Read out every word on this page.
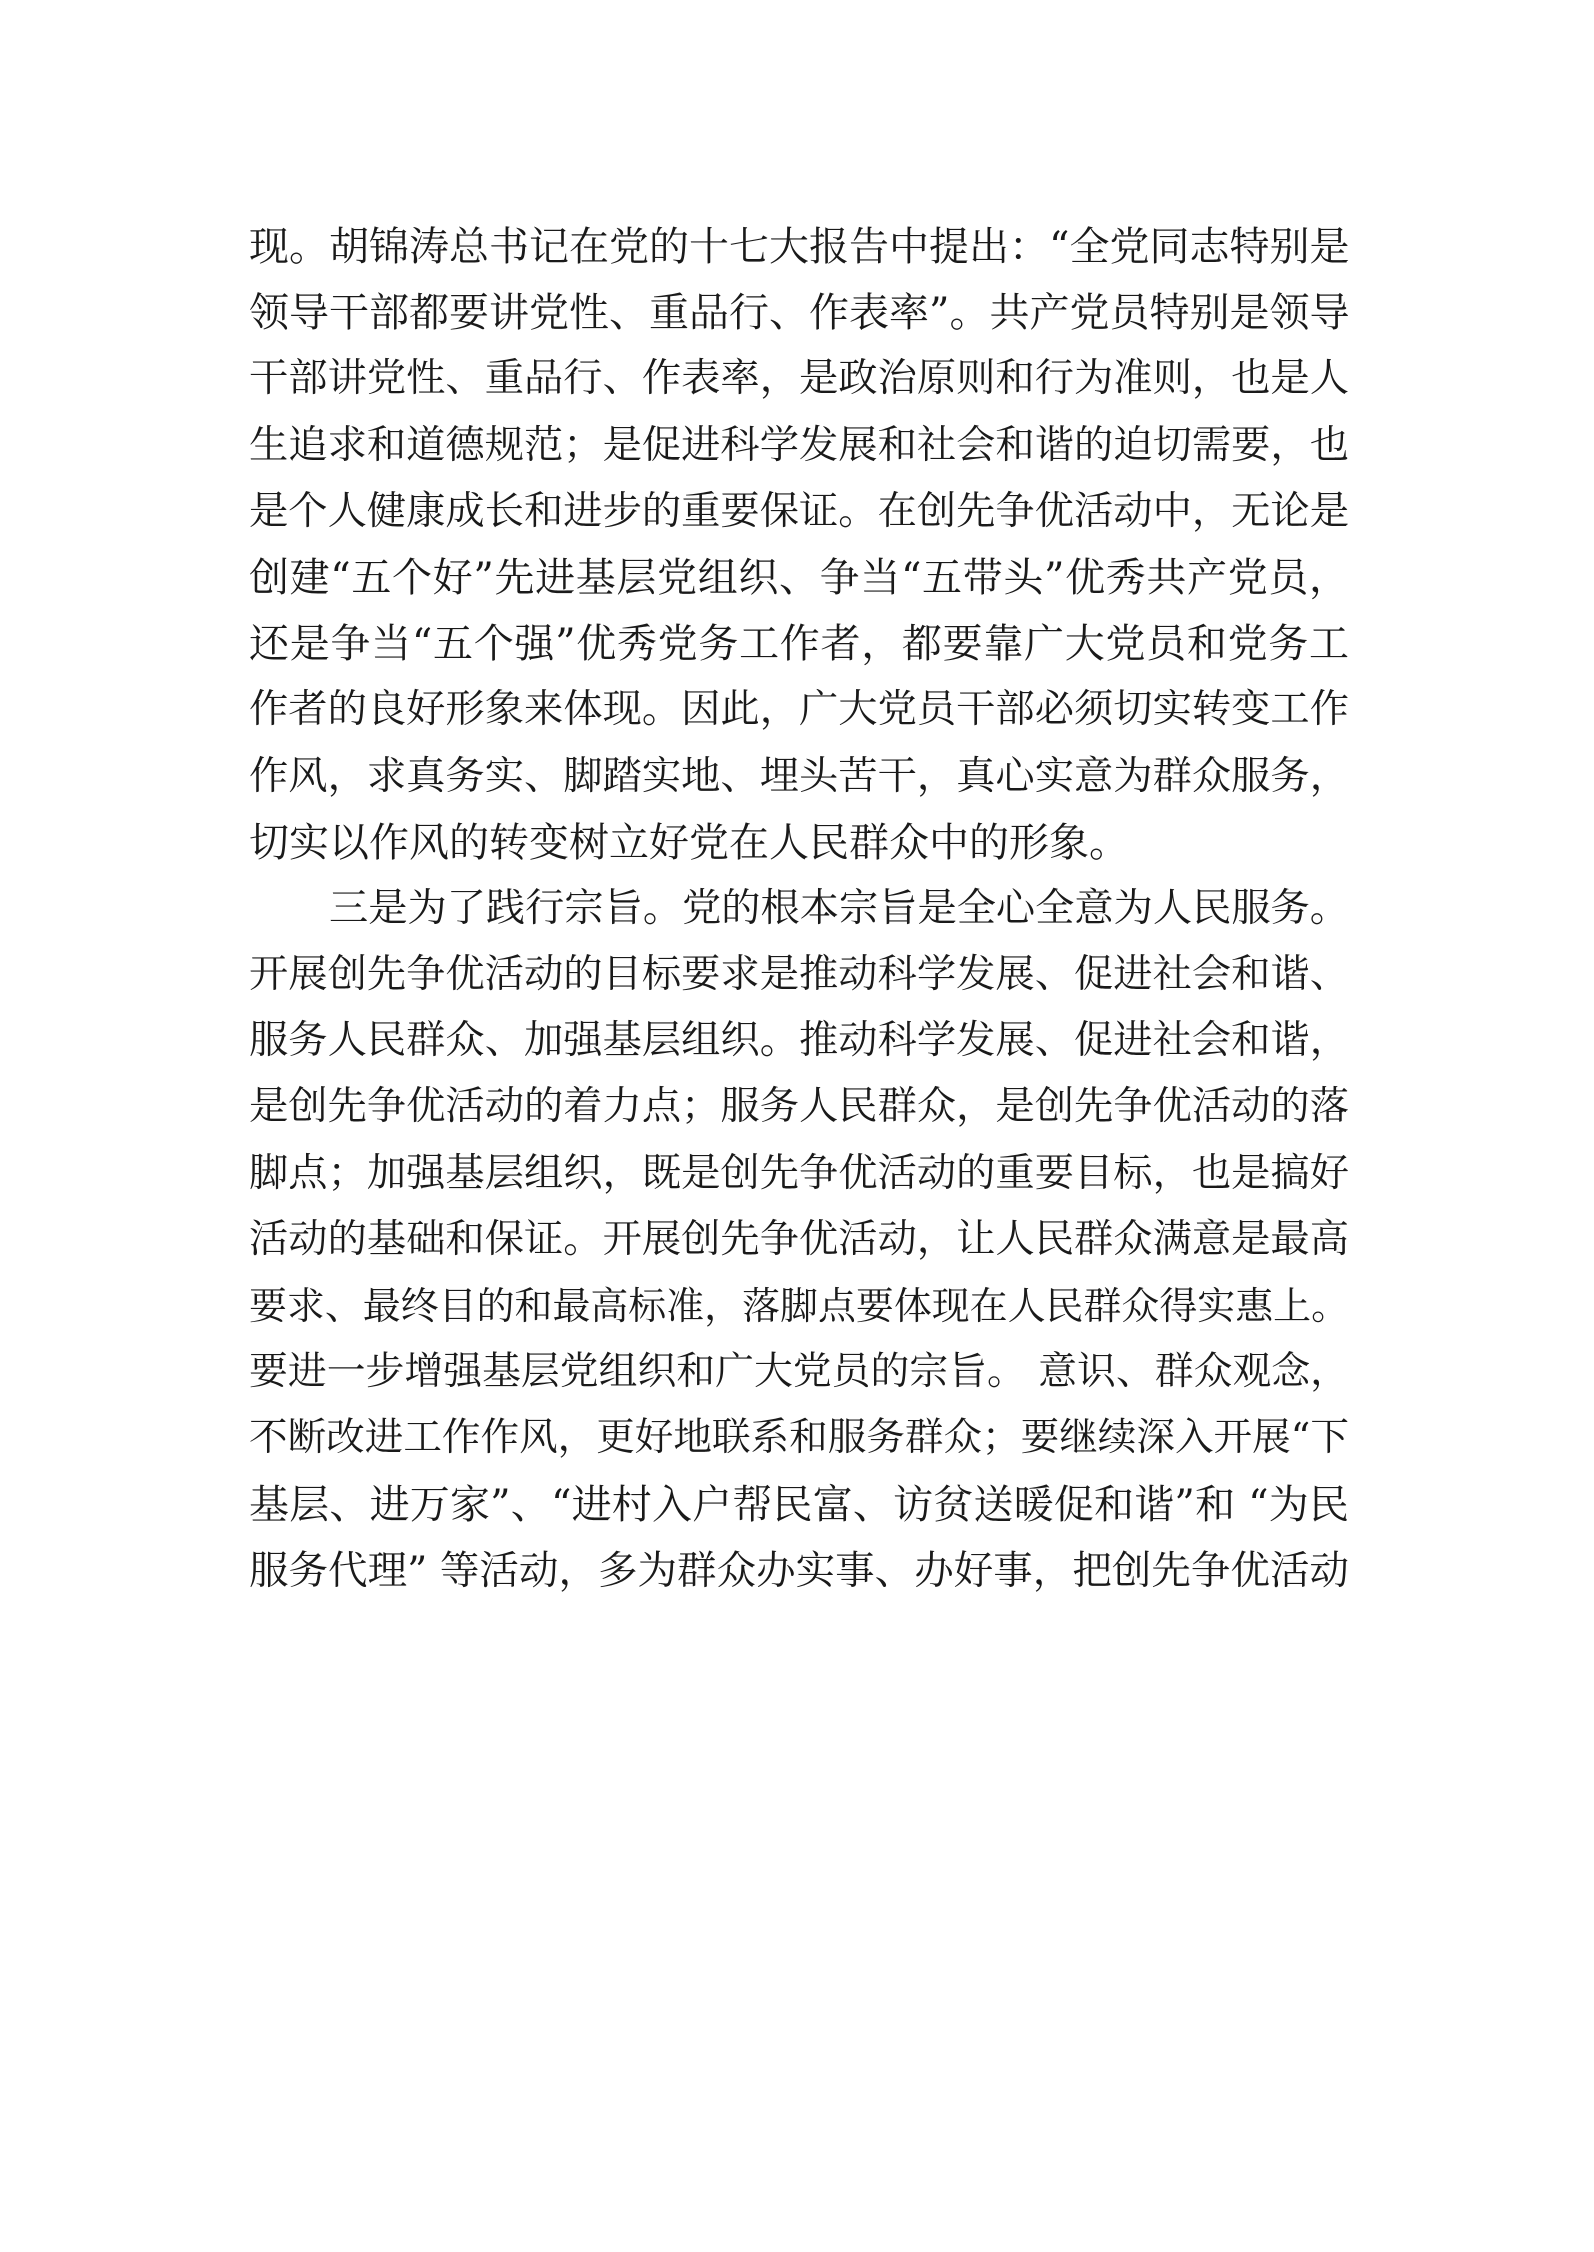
现。胡锦涛总书记在党的十七大报告中提出：“全党同志特别是
领导干部都要讲党性、重品行、作表率”。共产党员特别是领导
干部讲党性、重品行、作表率，是政治原则和行为准则，也是人
生追求和道德规范；是促进科学发展和社会和谐的迫切需要，也
是个人健康成长和进步的重要保证。在创先争优活动中，无论是
创建“五个好”先进基层党组织、争当“五带头”优秀共产党员，
还是争当“五个强”优秀党务工作者，都要靠广大党员和党务工
作者的良好形象来体现。因此，广大党员干部必须切实转变工作
作风，求真务实、脚踏实地、埋头苦干，真心实意为群众服务，
切实以作风的转变树立好党在人民群众中的形象。
三是为了践行宗旨。党的根本宗旨是全心全意为人民服务。
开展创先争优活动的目标要求是推动科学发展、促进社会和谐、
服务人民群众、加强基层组织。推动科学发展、促进社会和谐，
是创先争优活动的着力点；服务人民群众，是创先争优活动的落
脚点；加强基层组织，既是创先争优活动的重要目标，也是搞好
活动的基础和保证。开展创先争优活动，让人民群众满意是最高
要求、最终目的和最高标准，落脚点要体现在人民群众得实惠上。
要进一步增强基层党组织和广大党员的宗旨。 意识、群众观念，
不断改进工作作风，更好地联系和服务群众；要继续深入开展“下
基层、进万家”、“进村入户帮民富、访贫送暖促和谐”和 “为民
服务代理” 等活动，多为群众办实事、办好事，把创先争优活动
